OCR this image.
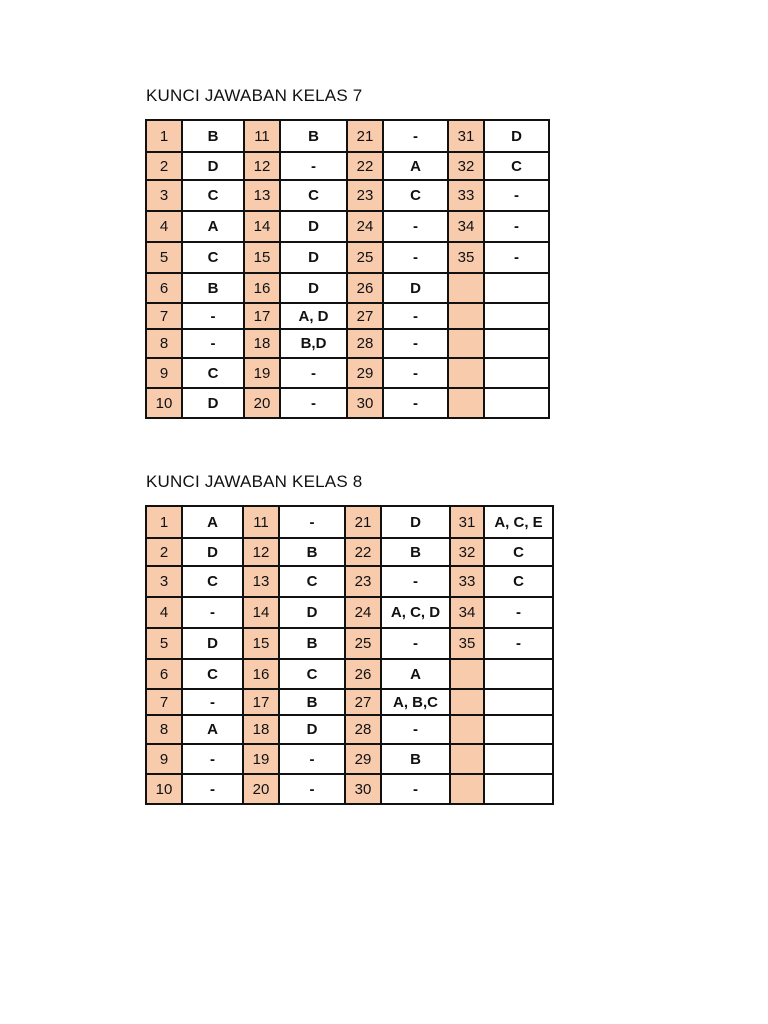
KUNCI JAWABAN KELAS 7
1	B	11	B	21	-	31	D
2	D	12	-	22	A	32	C
3	C	13	C	23	C	33	-
4	A	14	D	24	-	34	-
5	C	15	D	25	-	35	-
6	B	16	D	26	D		
7	-	17	A, D	27	-		
8	-	18	B,D	28	-		
9	C	19	-	29	-		
10	D	20	-	30	-		
KUNCI JAWABAN KELAS 8
1	A	11	-	21	D	31	A, C, E
2	D	12	B	22	B	32	C
3	C	13	C	23	-	33	C
4	-	14	D	24	A, C, D	34	-
5	D	15	B	25	-	35	-
6	C	16	C	26	A		
7	-	17	B	27	A, B,C		
8	A	18	D	28	-		
9	-	19	-	29	B		
10	-	20	-	30	-		
